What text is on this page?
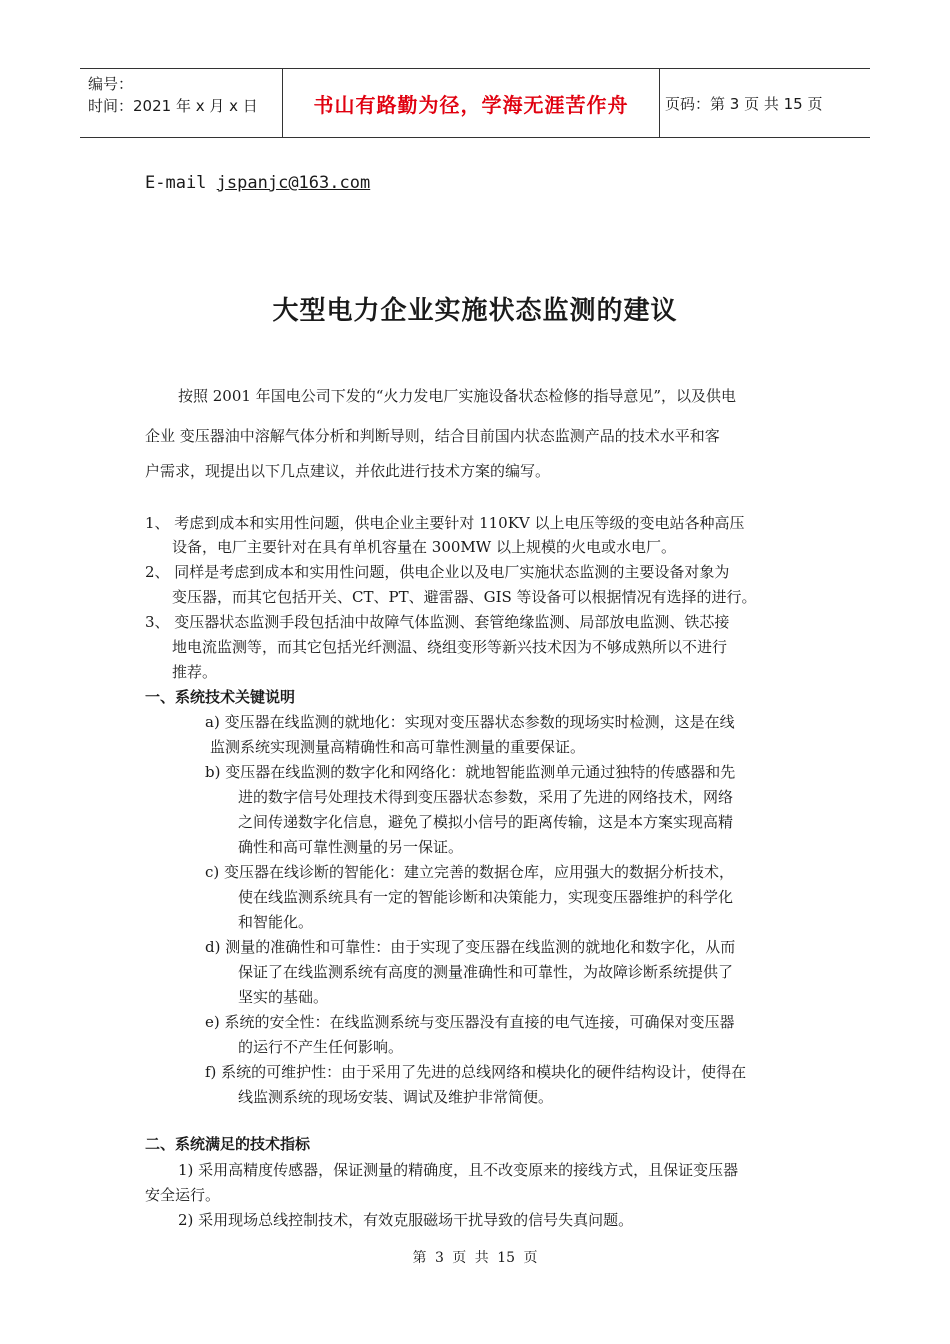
编号：
时间：2021 年 x 月 x 日	书山有路勤为径，学海无涯苦作舟	页码：第 3 页 共 15 页
E-mail jspanjc@163.com
大型电力企业实施状态监测的建议
按照 2001 年国电公司下发的“火力发电厂实施设备状态检修的指导意见”，以及供电
企业 变压器油中溶解气体分析和判断导则，结合目前国内状态监测产品的技术水平和客
户需求，现提出以下几点建议，并依此进行技术方案的编写。
1、 考虑到成本和实用性问题，供电企业主要针对 110KV 以上电压等级的变电站各种高压
设备，电厂主要针对在具有单机容量在 300MW 以上规模的火电或水电厂。
2、 同样是考虑到成本和实用性问题，供电企业以及电厂实施状态监测的主要设备对象为
变压器，而其它包括开关、CT、PT、避雷器、GIS 等设备可以根据情况有选择的进行。
3、 变压器状态监测手段包括油中故障气体监测、套管绝缘监测、局部放电监测、铁芯接
地电流监测等，而其它包括光纤测温、绕组变形等新兴技术因为不够成熟所以不进行
推荐。
一、系统技术关键说明
a) 变压器在线监测的就地化：实现对变压器状态参数的现场实时检测，这是在线
监测系统实现测量高精确性和高可靠性测量的重要保证。
b) 变压器在线监测的数字化和网络化：就地智能监测单元通过独特的传感器和先
进的数字信号处理技术得到变压器状态参数，采用了先进的网络技术，网络
之间传递数字化信息，避免了模拟小信号的距离传输，这是本方案实现高精
确性和高可靠性测量的另一保证。
c) 变压器在线诊断的智能化：建立完善的数据仓库，应用强大的数据分析技术，
使在线监测系统具有一定的智能诊断和决策能力，实现变压器维护的科学化
和智能化。
d) 测量的准确性和可靠性：由于实现了变压器在线监测的就地化和数字化，从而
保证了在线监测系统有高度的测量准确性和可靠性，为故障诊断系统提供了
坚实的基础。
e) 系统的安全性：在线监测系统与变压器没有直接的电气连接，可确保对变压器
的运行不产生任何影响。
f) 系统的可维护性：由于采用了先进的总线网络和模块化的硬件结构设计，使得在
线监测系统的现场安装、调试及维护非常简便。
二、系统满足的技术指标
1) 采用高精度传感器，保证测量的精确度，且不改变原来的接线方式，且保证变压器
安全运行。
2) 采用现场总线控制技术，有效克服磁场干扰导致的信号失真问题。
第 3 页 共 15 页
